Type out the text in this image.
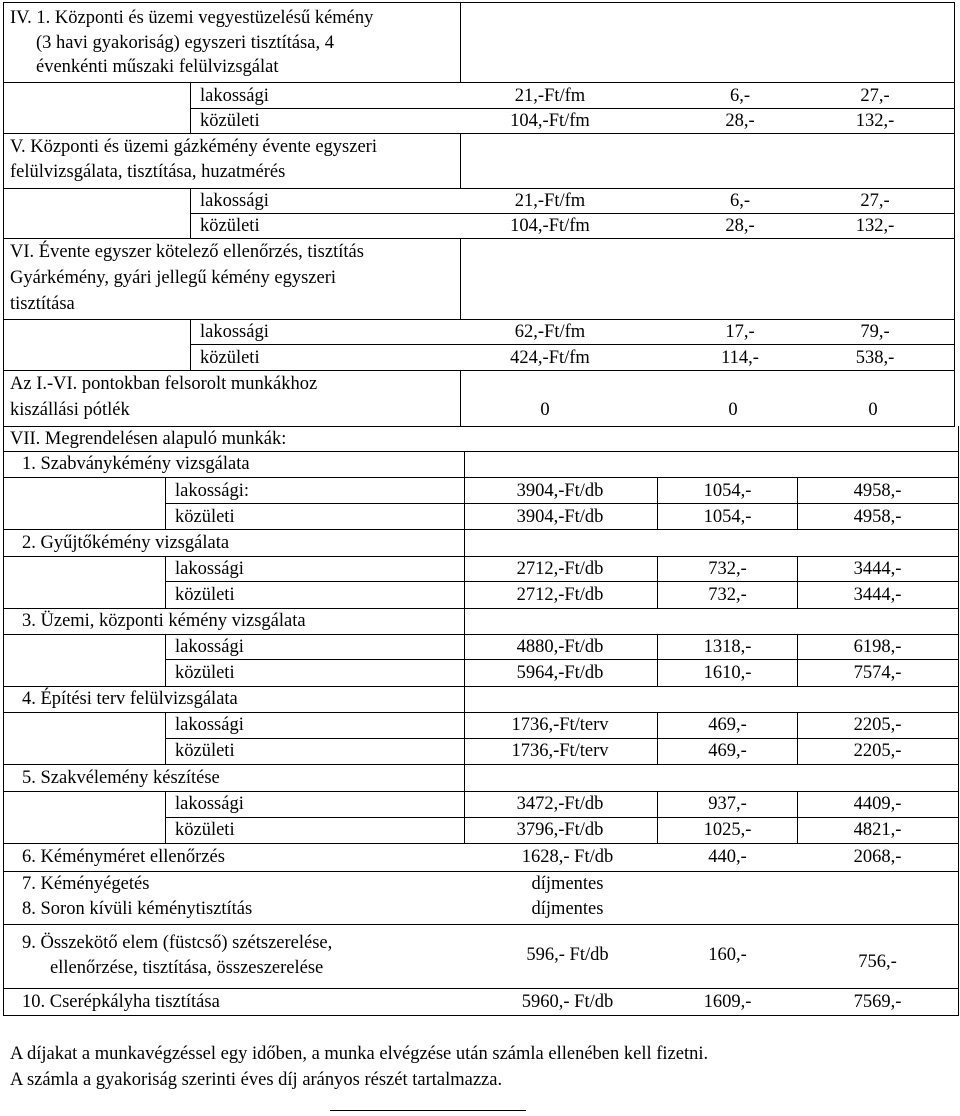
IV. 1. Központi és üzemi vegyestüzelésű kémény
(3 havi gyakoriság) egyszeri tisztítása, 4
évenkénti műszaki felülvizsgálat
lakossági	21,-Ft/fm	6,-	27,-
közületi	104,-Ft/fm	28,-	132,-
V. Központi és üzemi gázkémény évente egyszeri
felülvizsgálata, tisztítása, huzatmérés
lakossági	21,-Ft/fm	6,-	27,-
közületi	104,-Ft/fm	28,-	132,-
VI. Évente egyszer kötelező ellenőrzés, tisztítás
Gyárkémény, gyári jellegű kémény egyszeri
tisztítása
lakossági	62,-Ft/fm	17,-	79,-
közületi	424,-Ft/fm	114,-	538,-
Az I.-VI. pontokban felsorolt munkákhoz
kiszállási pótlék	0	0	0
VII. Megrendelésen alapuló munkák:
1. Szabványkémény vizsgálata
lakossági:	3904,-Ft/db	1054,-	4958,-
közületi	3904,-Ft/db	1054,-	4958,-
2. Gyűjtőkémény vizsgálata
lakossági	2712,-Ft/db	732,-	3444,-
közületi	2712,-Ft/db	732,-	3444,-
3. Üzemi, központi kémény vizsgálata
lakossági	4880,-Ft/db	1318,-	6198,-
közületi	5964,-Ft/db	1610,-	7574,-
4. Építési terv felülvizsgálata
lakossági	1736,-Ft/terv	469,-	2205,-
közületi	1736,-Ft/terv	469,-	2205,-
5. Szakvélemény készítése
lakossági	3472,-Ft/db	937,-	4409,-
közületi	3796,-Ft/db	1025,-	4821,-
6. Kéményméret ellenőrzés	1628,- Ft/db	440,-	2068,-
7. Kéményégetés	díjmentes
8. Soron kívüli kéménytisztítás	díjmentes
9. Összekötő elem (füstcső) szétszerelése,
ellenőrzése, tisztítása, összeszerelése
596,- Ft/db	160,-	756,-
10. Cserépkályha tisztítása	5960,- Ft/db	1609,-	7569,-
A díjakat a munkavégzéssel egy időben, a munka elvégzése után számla ellenében kell fizetni.
A számla a gyakoriság szerinti éves díj arányos részét tartalmazza.
